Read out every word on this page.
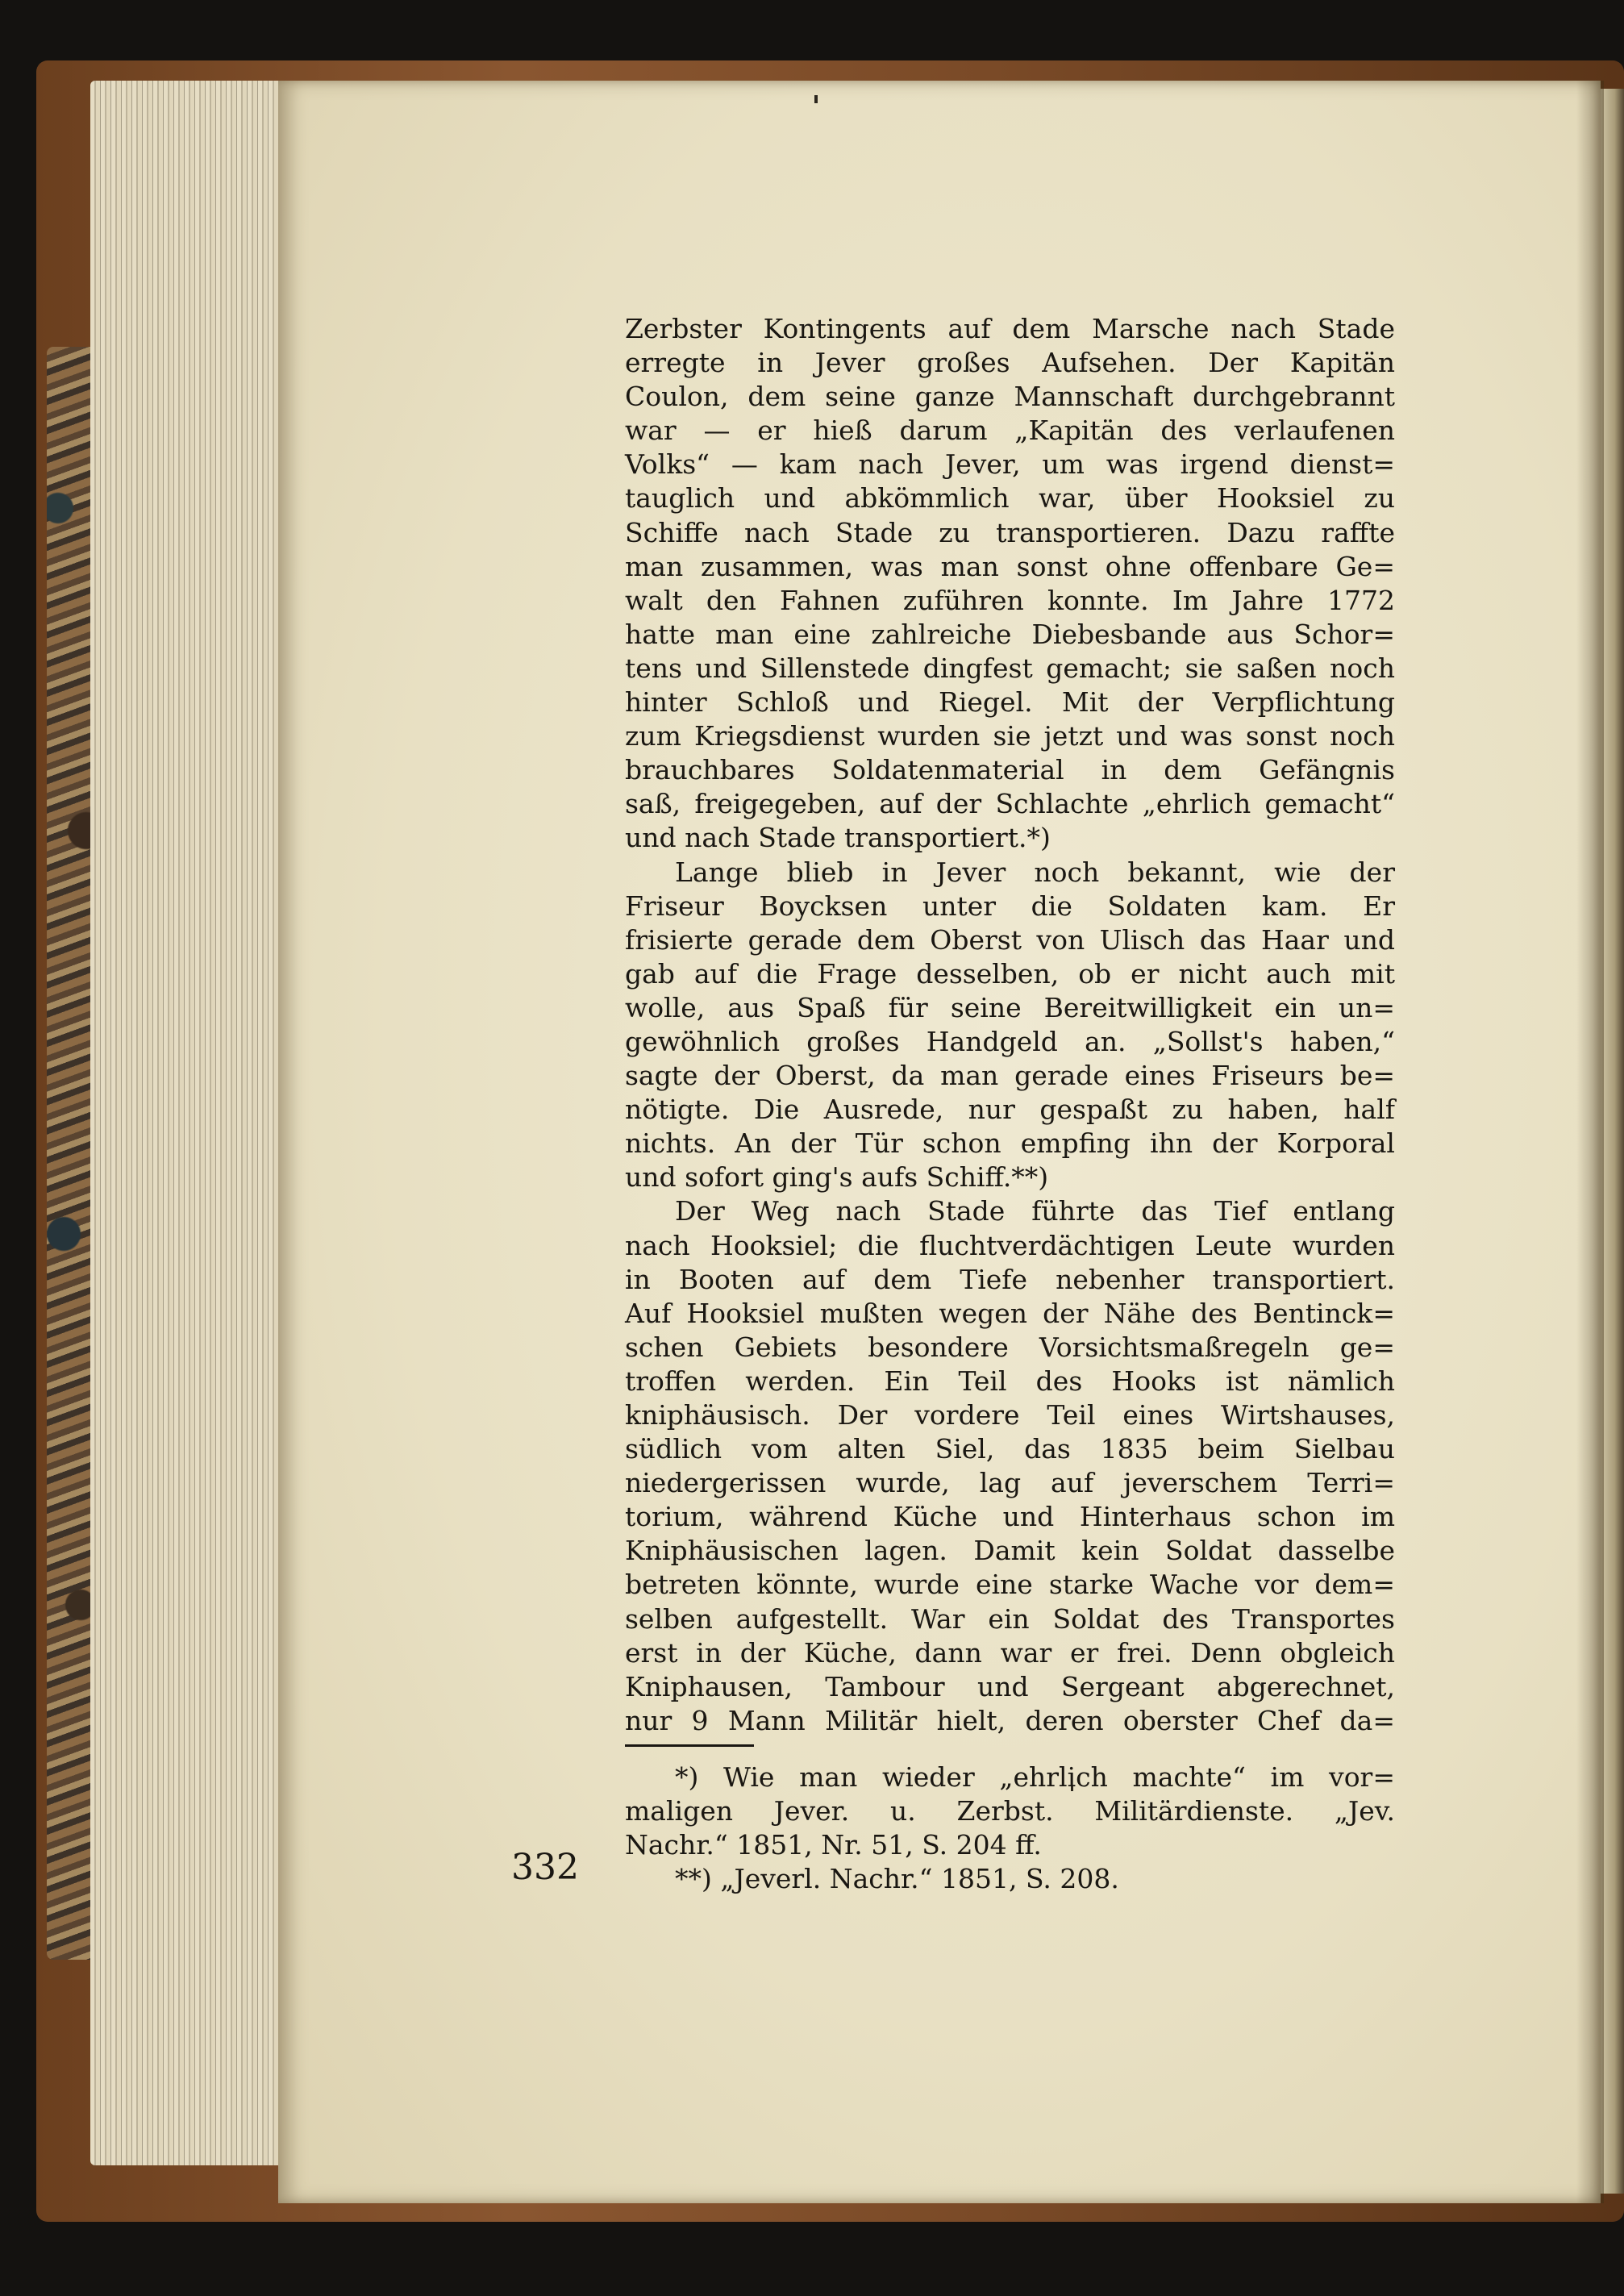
Zerbster Kontingents auf dem Marsche nach Stade
erregte in Jever großes Aufsehen. Der Kapitän
Coulon, dem seine ganze Mannschaft durchgebrannt
war — er hieß darum „Kapitän des verlaufenen
Volks“ — kam nach Jever, um was irgend dienst=
tauglich und abkömmlich war, über Hooksiel zu
Schiffe nach Stade zu transportieren. Dazu raffte
man zusammen, was man sonst ohne offenbare Ge=
walt den Fahnen zuführen konnte. Im Jahre 1772
hatte man eine zahlreiche Diebesbande aus Schor=
tens und Sillenstede dingfest gemacht; sie saßen noch
hinter Schloß und Riegel. Mit der Verpflichtung
zum Kriegsdienst wurden sie jetzt und was sonst noch
brauchbares Soldatenmaterial in dem Gefängnis
saß, freigegeben, auf der Schlachte „ehrlich gemacht“
und nach Stade transportiert.*)
Lange blieb in Jever noch bekannt, wie der
Friseur Boycksen unter die Soldaten kam. Er
frisierte gerade dem Oberst von Ulisch das Haar und
gab auf die Frage desselben, ob er nicht auch mit
wolle, aus Spaß für seine Bereitwilligkeit ein un=
gewöhnlich großes Handgeld an. „Sollst's haben,“
sagte der Oberst, da man gerade eines Friseurs be=
nötigte. Die Ausrede, nur gespaßt zu haben, half
nichts. An der Tür schon empfing ihn der Korporal
und sofort ging's aufs Schiff.**)
Der Weg nach Stade führte das Tief entlang
nach Hooksiel; die fluchtverdächtigen Leute wurden
in Booten auf dem Tiefe nebenher transportiert.
Auf Hooksiel mußten wegen der Nähe des Bentinck=
schen Gebiets besondere Vorsichtsmaßregeln ge=
troffen werden. Ein Teil des Hooks ist nämlich
kniphäusisch. Der vordere Teil eines Wirtshauses,
südlich vom alten Siel, das 1835 beim Sielbau
niedergerissen wurde, lag auf jeverschem Terri=
torium, während Küche und Hinterhaus schon im
Kniphäusischen lagen. Damit kein Soldat dasselbe
betreten könnte, wurde eine starke Wache vor dem=
selben aufgestellt. War ein Soldat des Transportes
erst in der Küche, dann war er frei. Denn obgleich
Kniphausen, Tambour und Sergeant abgerechnet,
nur 9 Mann Militär hielt, deren oberster Chef da=
*) Wie man wieder „ehrlich machte“ im vor=
maligen Jever. u. Zerbst. Militärdienste. „Jev.
Nachr.“ 1851, Nr. 51, S. 204 ff.
**) „Jeverl. Nachr.“ 1851, S. 208.
332
